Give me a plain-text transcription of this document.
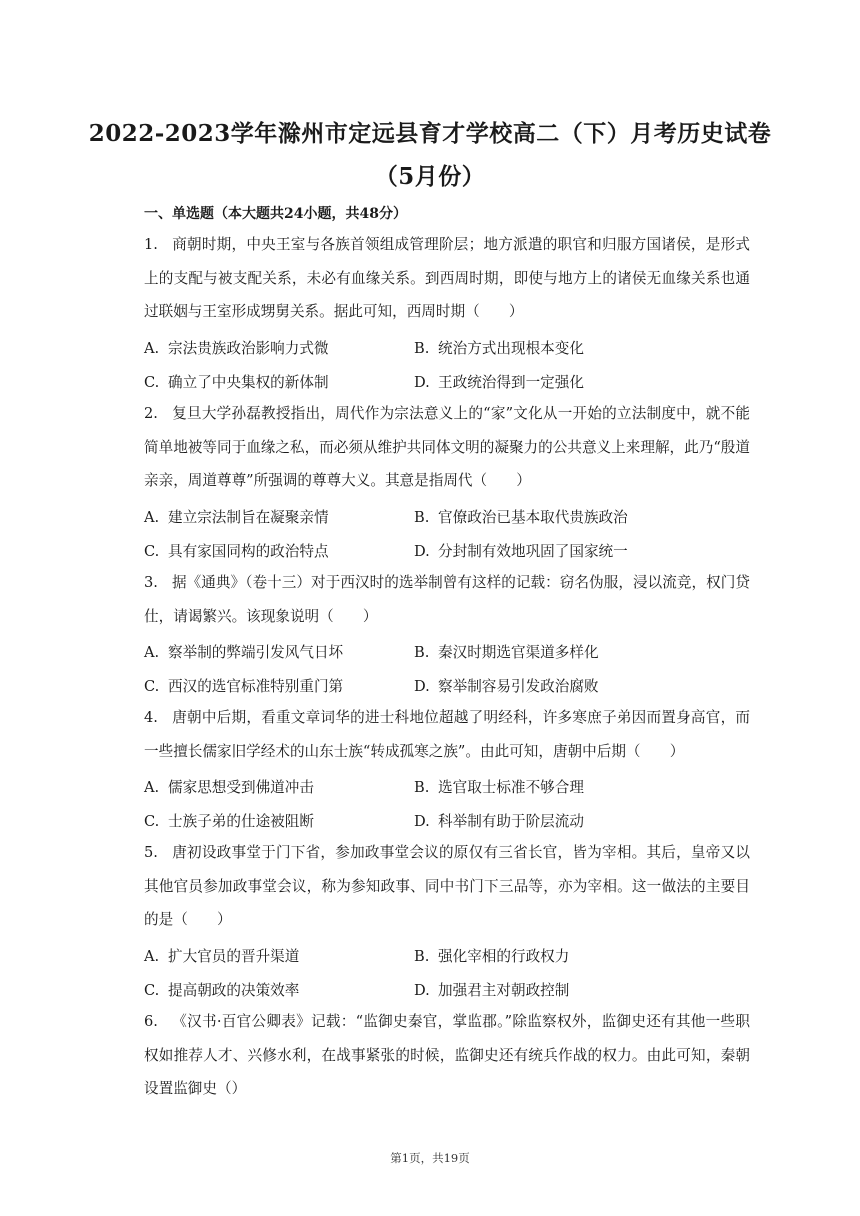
2022-2023学年滁州市定远县育才学校高二（下）月考历史试卷
（5月份）
一、单选题（本大题共24小题，共48分）
1. 商朝时期，中央王室与各族首领组成管理阶层；地方派遣的职官和归服方国诸侯，是形式上的支配与被支配关系，未必有血缘关系。到西周时期，即使与地方上的诸侯无血缘关系也通过联姻与王室形成甥舅关系。据此可知，西周时期（　　）
A. 宗法贵族政治影响力式微	B. 统治方式出现根本变化
C. 确立了中央集权的新体制	D. 王政统治得到一定强化
2. 复旦大学孙磊教授指出，周代作为宗法意义上的“家”文化从一开始的立法制度中，就不能简单地被等同于血缘之私，而必须从维护共同体文明的凝聚力的公共意义上来理解，此乃“殷道亲亲，周道尊尊”所强调的尊尊大义。其意是指周代（　　）
A. 建立宗法制旨在凝聚亲情	B. 官僚政治已基本取代贵族政治
C. 具有家国同构的政治特点	D. 分封制有效地巩固了国家统一
3. 据《通典》（卷十三）对于西汉时的选举制曾有这样的记载：窃名伪服，浸以流竞，权门贷仕，请谒繁兴。该现象说明（　　）
A. 察举制的弊端引发风气日坏	B. 秦汉时期选官渠道多样化
C. 西汉的选官标准特别重门第	D. 察举制容易引发政治腐败
4. 唐朝中后期，看重文章词华的进士科地位超越了明经科，许多寒庶子弟因而置身高官，而一些擅长儒家旧学经术的山东士族“转成孤寒之族”。由此可知，唐朝中后期（　　）
A. 儒家思想受到佛道冲击	B. 选官取士标准不够合理
C. 士族子弟的仕途被阻断	D. 科举制有助于阶层流动
5. 唐初设政事堂于门下省，参加政事堂会议的原仅有三省长官，皆为宰相。其后，皇帝又以其他官员参加政事堂会议，称为参知政事、同中书门下三品等，亦为宰相。这一做法的主要目的是（　　）
A. 扩大官员的晋升渠道	B. 强化宰相的行政权力
C. 提高朝政的决策效率	D. 加强君主对朝政控制
6. 《汉书·百官公卿表》记载：“监御史秦官，掌监郡。”除监察权外，监御史还有其他一些职权如推荐人才、兴修水利，在战事紧张的时候，监御史还有统兵作战的权力。由此可知，秦朝设置监御史（）
第1页，共19页
